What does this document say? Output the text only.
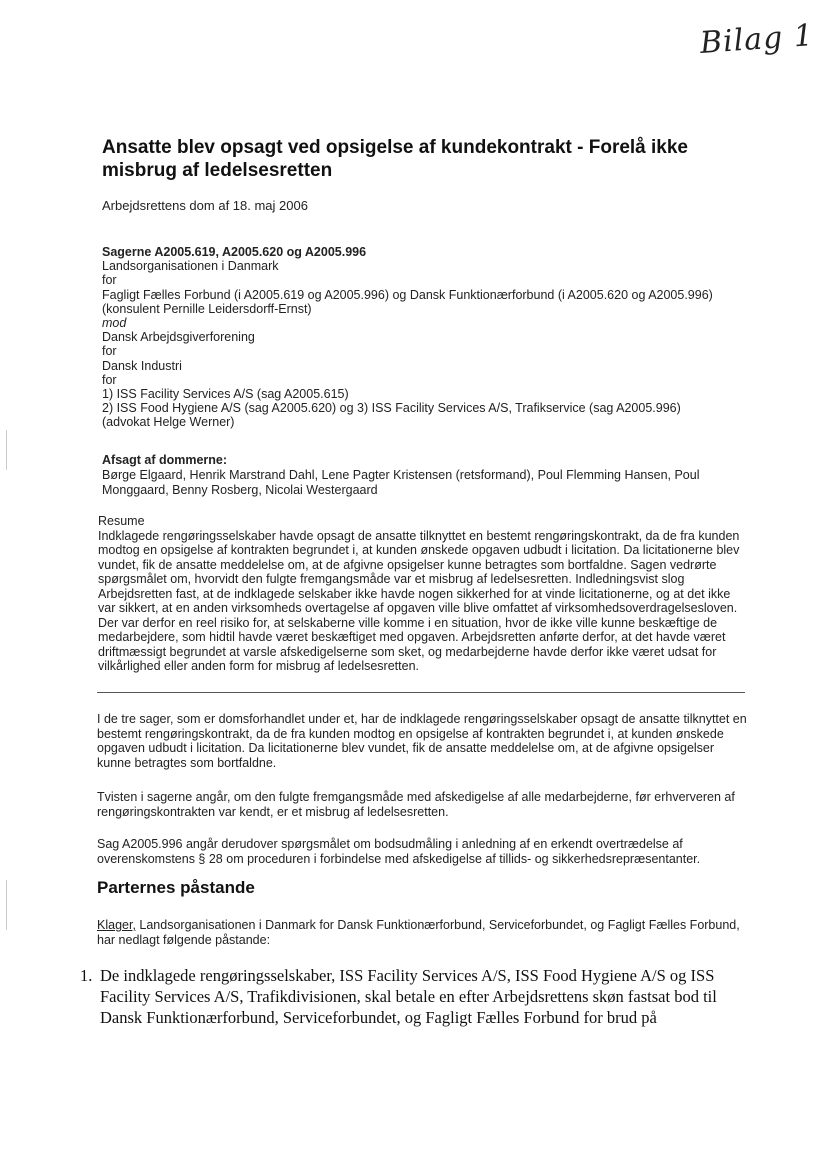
Bilag 1
Ansatte blev opsagt ved opsigelse af kundekontrakt - Forelå ikke misbrug af ledelsesretten
Arbejdsrettens dom af 18. maj 2006
Sagerne A2005.619, A2005.620 og A2005.996
Landsorganisationen i Danmark
for
Fagligt Fælles Forbund (i A2005.619 og A2005.996) og Dansk Funktionærforbund (i A2005.620 og A2005.996)
(konsulent Pernille Leidersdorff-Ernst)
mod
Dansk Arbejdsgiverforening
for
Dansk Industri
for
1) ISS Facility Services A/S (sag A2005.615)
2) ISS Food Hygiene A/S (sag A2005.620) og 3) ISS Facility Services A/S, Trafikservice (sag A2005.996)
(advokat Helge Werner)
Afsagt af dommerne:
Børge Elgaard, Henrik Marstrand Dahl, Lene Pagter Kristensen (retsformand), Poul Flemming Hansen, Poul Monggaard, Benny Rosberg, Nicolai Westergaard
Resume
Indklagede rengøringsselskaber havde opsagt de ansatte tilknyttet en bestemt rengøringskontrakt, da de fra kunden modtog en opsigelse af kontrakten begrundet i, at kunden ønskede opgaven udbudt i licitation. Da licitationerne blev vundet, fik de ansatte meddelelse om, at de afgivne opsigelser kunne betragtes som bortfaldne. Sagen vedrørte spørgsmålet om, hvorvidt den fulgte fremgangsmåde var et misbrug af ledelsesretten. Indledningsvist slog Arbejdsretten fast, at de indklagede selskaber ikke havde nogen sikkerhed for at vinde licitationerne, og at det ikke var sikkert, at en anden virksomheds overtagelse af opgaven ville blive omfattet af virksomhedsoverdragelsesloven. Der var derfor en reel risiko for, at selskaberne ville komme i en situation, hvor de ikke ville kunne beskæftige de medarbejdere, som hidtil havde været beskæftiget med opgaven. Arbejdsretten anførte derfor, at det havde været driftmæssigt begrundet at varsle afskedigelserne som sket, og medarbejderne havde derfor ikke været udsat for vilkårlighed eller anden form for misbrug af ledelsesretten.

I de tre sager, som er domsforhandlet under et, har de indklagede rengøringsselskaber opsagt de ansatte tilknyttet en bestemt rengøringskontrakt, da de fra kunden modtog en opsigelse af kontrakten begrundet i, at kunden ønskede opgaven udbudt i licitation. Da licitationerne blev vundet, fik de ansatte meddelelse om, at de afgivne opsigelser kunne betragtes som bortfaldne.

Tvisten i sagerne angår, om den fulgte fremgangsmåde med afskedigelse af alle medarbejderne, før erhververen af rengøringskontrakten var kendt, er et misbrug af ledelsesretten.

Sag A2005.996 angår derudover spørgsmålet om bodsudmåling i anledning af en erkendt overtrædelse af overenskomstens § 28 om proceduren i forbindelse med afskedigelse af tillids- og sikkerhedsrepræsentanter.

Parternes påstande
Klager, Landsorganisationen i Danmark for Dansk Funktionærforbund, Serviceforbundet, og Fagligt Fælles Forbund, har nedlagt følgende påstande:
1. De indklagede rengøringsselskaber, ISS Facility Services A/S, ISS Food Hygiene A/S og ISS Facility Services A/S, Trafikdivisionen, skal betale en efter Arbejdsrettens skøn fastsat bod til Dansk Funktionærforbund, Serviceforbundet, og Fagligt Fælles Forbund for brud på
